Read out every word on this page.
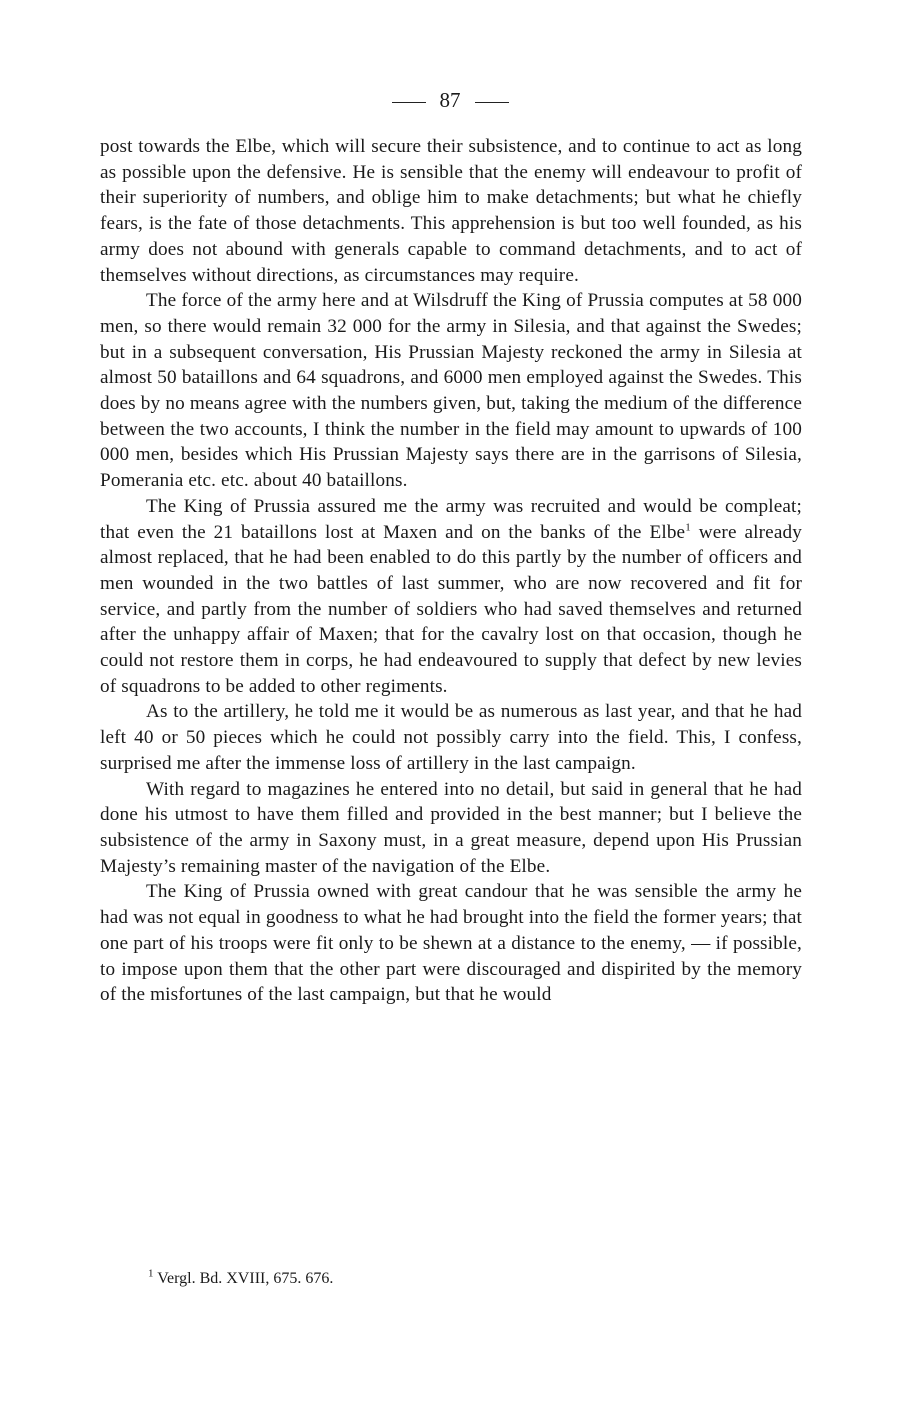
87

post towards the Elbe, which will secure their subsistence, and to continue to act as long as possible upon the defensive. He is sensible that the enemy will endeavour to profit of their superiority of numbers, and oblige him to make detachments; but what he chiefly fears, is the fate of those detachments. This apprehension is but too well founded, as his army does not abound with generals capable to command detachments, and to act of themselves without directions, as circumstances may require.

The force of the army here and at Wilsdruff the King of Prussia computes at 58 000 men, so there would remain 32 000 for the army in Silesia, and that against the Swedes; but in a subsequent conversation, His Prussian Majesty reckoned the army in Silesia at almost 50 bataillons and 64 squadrons, and 6000 men employed against the Swedes. This does by no means agree with the numbers given, but, taking the medium of the difference between the two accounts, I think the number in the field may amount to upwards of 100 000 men, besides which His Prussian Majesty says there are in the garrisons of Silesia, Pomerania etc. etc. about 40 bataillons.

The King of Prussia assured me the army was recruited and would be compleat; that even the 21 bataillons lost at Maxen and on the banks of the Elbe$^1$ were already almost replaced, that he had been enabled to do this partly by the number of officers and men wounded in the two battles of last summer, who are now recovered and fit for service, and partly from the number of soldiers who had saved themselves and returned after the unhappy affair of Maxen; that for the cavalry lost on that occasion, though he could not restore them in corps, he had endeavoured to supply that defect by new levies of squadrons to be added to other regiments.

As to the artillery, he told me it would be as numerous as last year, and that he had left 40 or 50 pieces which he could not possibly carry into the field. This, I confess, surprised me after the immense loss of artillery in the last campaign.

With regard to magazines he entered into no detail, but said in general that he had done his utmost to have them filled and provided in the best manner; but I believe the subsistence of the army in Saxony must, in a great measure, depend upon His Prussian Majesty’s remaining master of the navigation of the Elbe.

The King of Prussia owned with great candour that he was sensible the army he had was not equal in goodness to what he had brought into the field the former years; that one part of his troops were fit only to be shewn at a distance to the enemy, — if possible, to impose upon them that the other part were discouraged and dispirited by the memory of the misfortunes of the last campaign, but that he would

$^1$ Vergl. Bd. XVIII, 675. 676.
